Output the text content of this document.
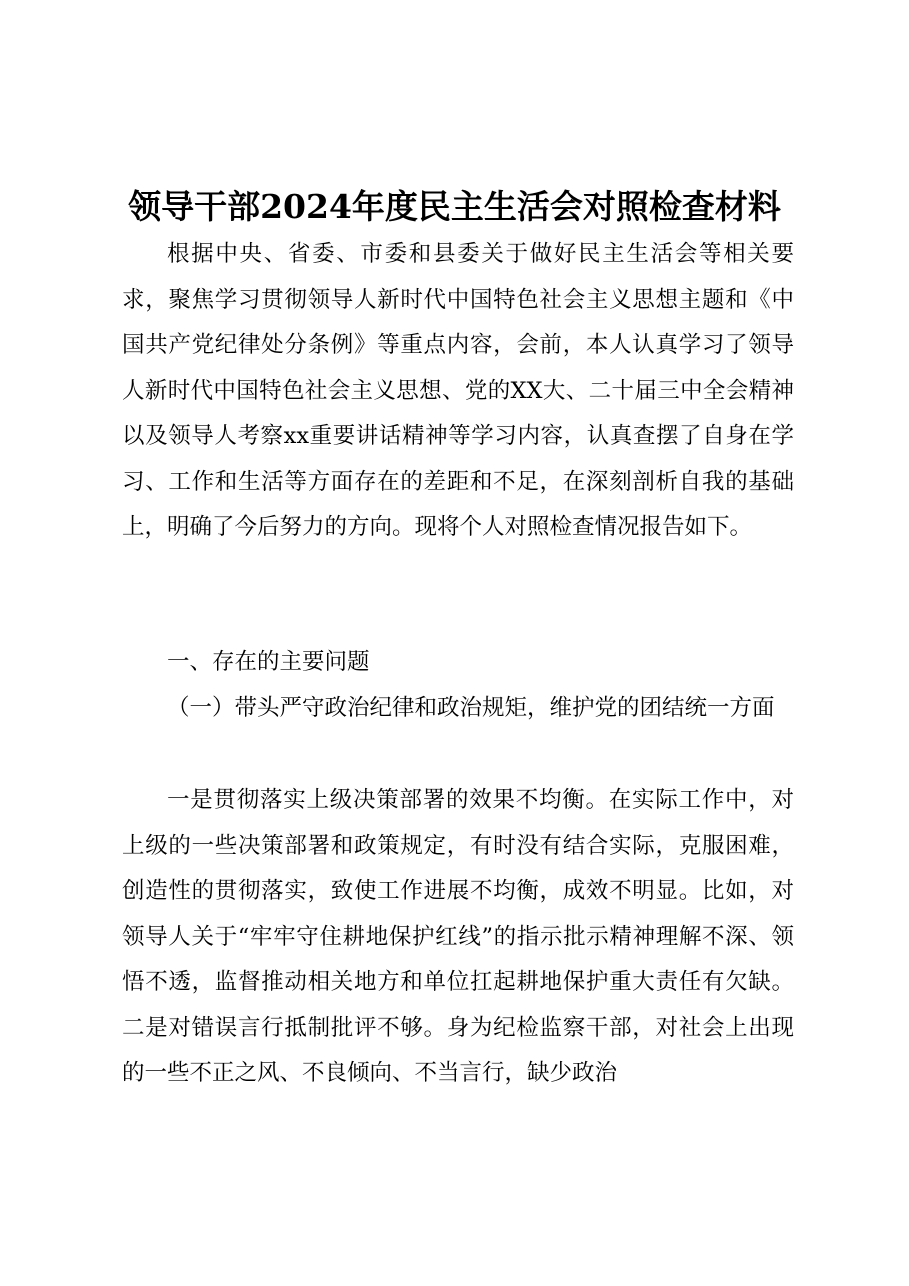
领导干部2024年度民主生活会对照检查材料

根据中央、省委、市委和县委关于做好民主生活会等相关要求，聚焦学习贯彻领导人新时代中国特色社会主义思想主题和《中国共产党纪律处分条例》等重点内容，会前，本人认真学习了领导人新时代中国特色社会主义思想、党的XX大、二十届三中全会精神以及领导人考察xx重要讲话精神等学习内容，认真查摆了自身在学习、工作和生活等方面存在的差距和不足，在深刻剖析自我的基础上，明确了今后努力的方向。现将个人对照检查情况报告如下。

一、存在的主要问题

（一）带头严守政治纪律和政治规矩，维护党的团结统一方面

一是贯彻落实上级决策部署的效果不均衡。在实际工作中，对上级的一些决策部署和政策规定，有时没有结合实际，克服困难，创造性的贯彻落实，致使工作进展不均衡，成效不明显。比如，对领导人关于“牢牢守住耕地保护红线”的指示批示精神理解不深、领悟不透，监督推动相关地方和单位扛起耕地保护重大责任有欠缺。二是对错误言行抵制批评不够。身为纪检监察干部，对社会上出现的一些不正之风、不良倾向、不当言行，缺少政治
